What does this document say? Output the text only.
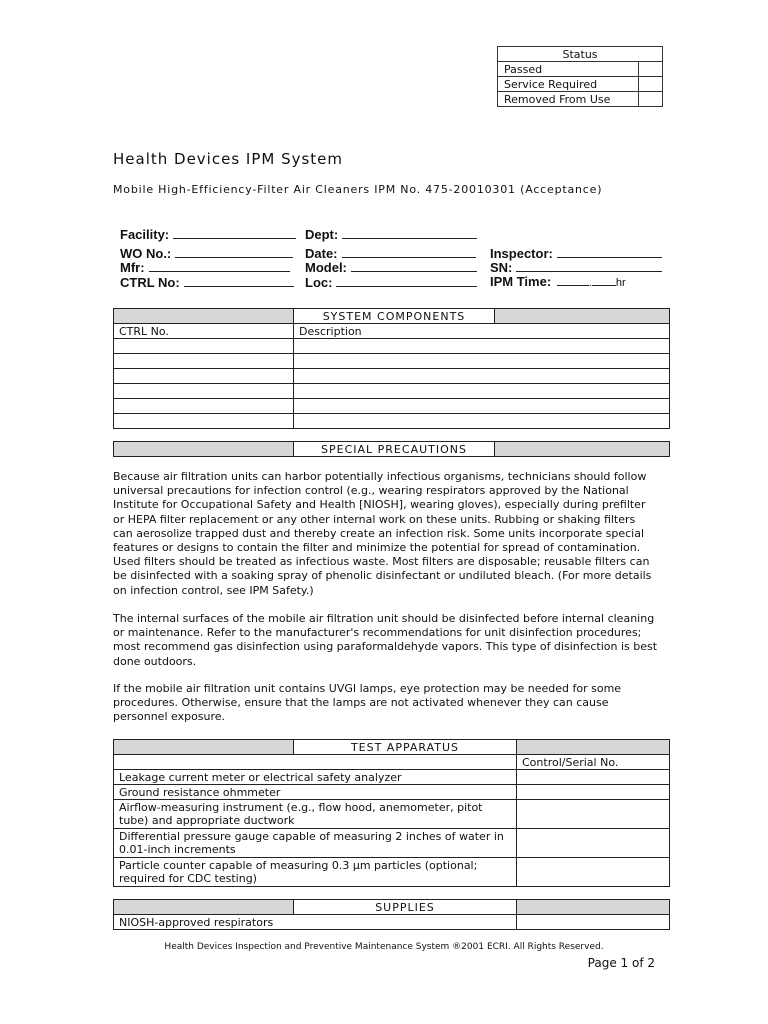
Status	
Passed	
Service Required	
Removed From Use	
Health Devices IPM System
Mobile High-Efficiency-Filter Air Cleaners IPM No. 475-20010301 (Acceptance)
Facility:	Dept:
WO No.:	Date:	Inspector:
Mfr:	Model:	SN:
CTRL No:	Loc:	IPM Time:	. hr
	SYSTEM COMPONENTS	
CTRL No.	Description	

	SPECIAL PRECAUTIONS	
Because air filtration units can harbor potentially infectious organisms, technicians should follow universal precautions for infection control (e.g., wearing respirators approved by the National Institute for Occupational Safety and Health [NIOSH], wearing gloves), especially during prefilter or HEPA filter replacement or any other internal work on these units. Rubbing or shaking filters can aerosolize trapped dust and thereby create an infection risk. Some units incorporate special features or designs to contain the filter and minimize the potential for spread of contamination. Used filters should be treated as infectious waste. Most filters are disposable; reusable filters can be disinfected with a soaking spray of phenolic disinfectant or undiluted bleach. (For more details on infection control, see IPM Safety.)
The internal surfaces of the mobile air filtration unit should be disinfected before internal cleaning or maintenance. Refer to the manufacturer's recommendations for unit disinfection procedures; most recommend gas disinfection using paraformaldehyde vapors. This type of disinfection is best done outdoors.
If the mobile air filtration unit contains UVGI lamps, eye protection may be needed for some procedures. Otherwise, ensure that the lamps are not activated whenever they can cause personnel exposure.
	TEST APPARATUS	
		Control/Serial No.
Leakage current meter or electrical safety analyzer		
Ground resistance ohmmeter		
Airflow-measuring instrument (e.g., flow hood, anemometer, pitot tube) and appropriate ductwork		
Differential pressure gauge capable of measuring 2 inches of water in 0.01-inch increments		
Particle counter capable of measuring 0.3 µm particles (optional; required for CDC testing)		
	SUPPLIES	
NIOSH-approved respirators		
Health Devices Inspection and Preventive Maintenance System ®2001 ECRI. All Rights Reserved.
Page 1 of 2
